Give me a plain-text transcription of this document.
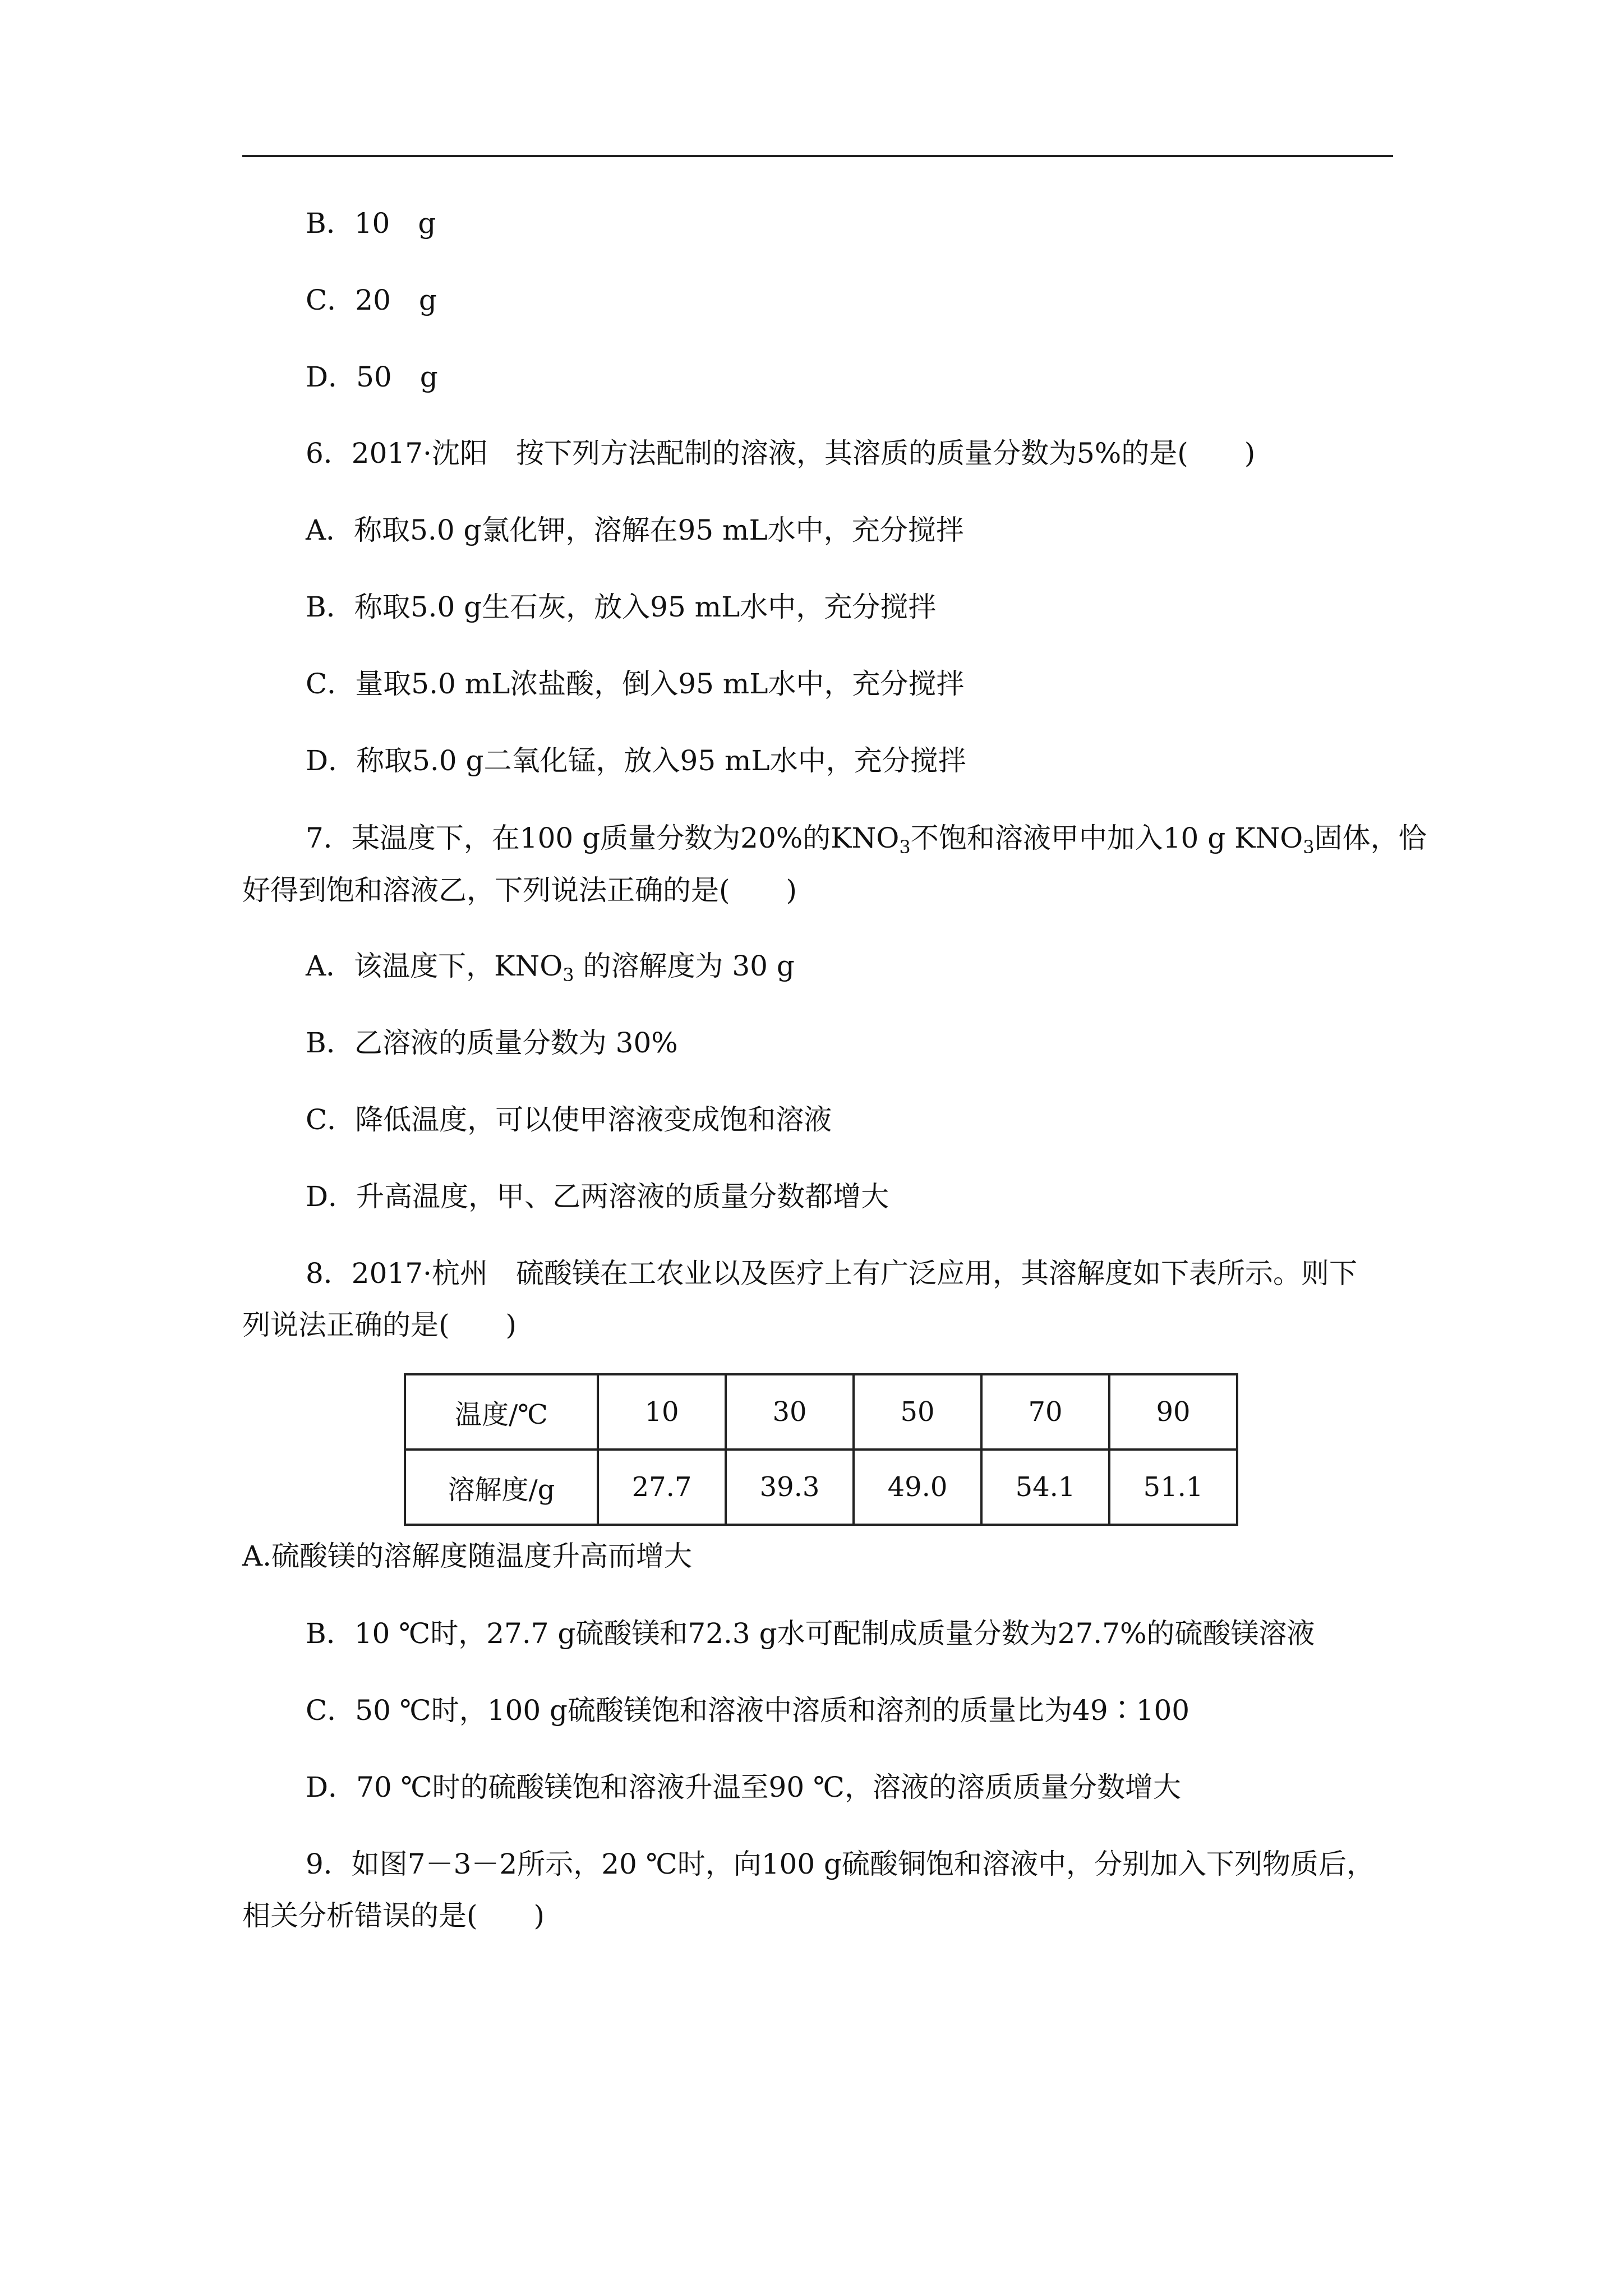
B．10　g
C．20　g
D．50　g
6．2017·沈阳　按下列方法配制的溶液，其溶质的质量分数为5%的是(　　)
A．称取5.0 g氯化钾，溶解在95 mL水中，充分搅拌
B．称取5.0 g生石灰，放入95 mL水中，充分搅拌
C．量取5.0 mL浓盐酸，倒入95 mL水中，充分搅拌
D．称取5.0 g二氧化锰，放入95 mL水中，充分搅拌
7．某温度下，在100 g质量分数为20%的$KNO_3$不饱和溶液甲中加入10 g $KNO_3$固体，恰
好得到饱和溶液乙，下列说法正确的是(　　)
A．该温度下，$KNO_3$ 的溶解度为 30 g
B．乙溶液的质量分数为 30%
C．降低温度，可以使甲溶液变成饱和溶液
D．升高温度，甲、乙两溶液的质量分数都增大
8．2017·杭州　硫酸镁在工农业以及医疗上有广泛应用，其溶解度如下表所示。则下
列说法正确的是(　　)
温度/℃	10	30	50	70	90
溶解度/g	27.7	39.3	49.0	54.1	51.1
A.硫酸镁的溶解度随温度升高而增大
B．10 ℃时，27.7 g硫酸镁和72.3 g水可配制成质量分数为27.7%的硫酸镁溶液
C．50 ℃时，100 g硫酸镁饱和溶液中溶质和溶剂的质量比为49∶100
D．70 ℃时的硫酸镁饱和溶液升温至90 ℃，溶液的溶质质量分数增大
9．如图7－3－2所示，20 ℃时，向100 g硫酸铜饱和溶液中，分别加入下列物质后，
相关分析错误的是(　　)
